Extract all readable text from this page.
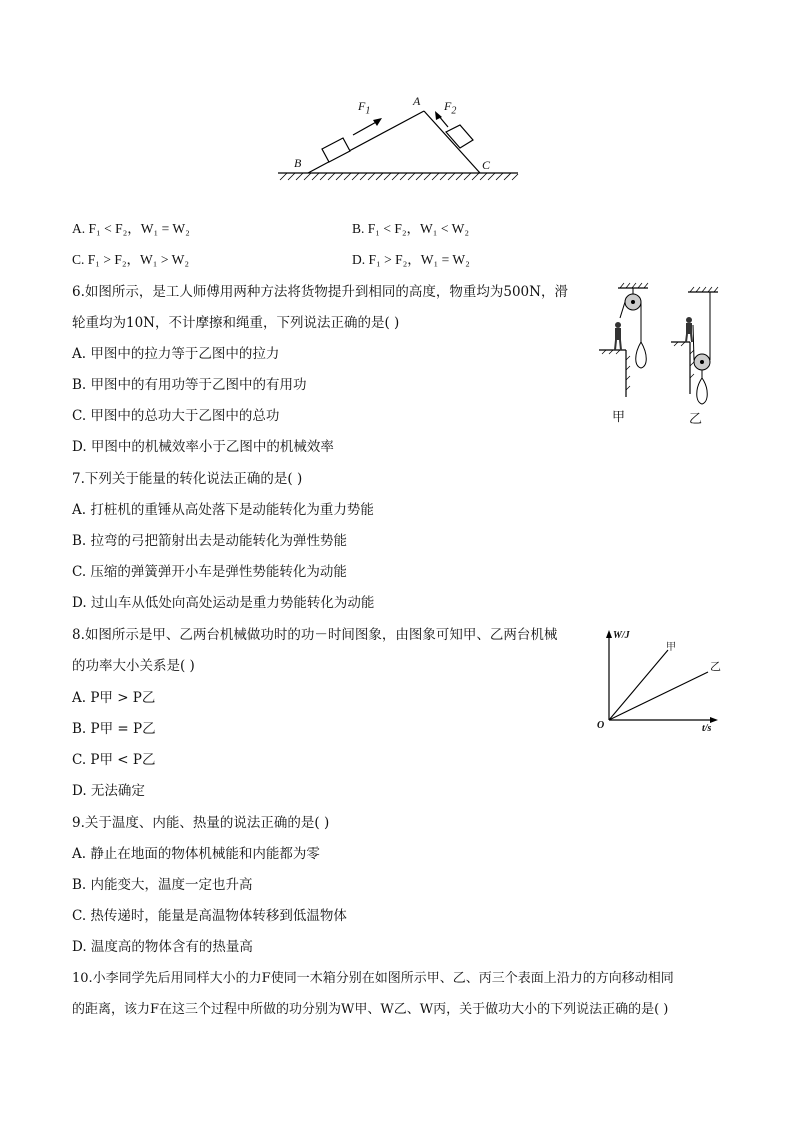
$F_1$
A $F_2$
B	C
A. F₁ < F₂，W₁ = W₂	B. F₁ < F₂，W₁ < W₂
C. F₁ > F₂，W₁ > W₂	D. F₁ > F₂，W₁ = W₂
6.如图所示，是工人师傅用两种方法将货物提升到相同的高度，物重均为500N，滑
轮重均为10N，不计摩擦和绳重，下列说法正确的是( )
A. 甲图中的拉力等于乙图中的拉力
B. 甲图中的有用功等于乙图中的有用功
C. 甲图中的总功大于乙图中的总功
D. 甲图中的机械效率小于乙图中的机械效率
甲	乙
7.下列关于能量的转化说法正确的是( )
A. 打桩机的重锤从高处落下是动能转化为重力势能
B. 拉弯的弓把箭射出去是动能转化为弹性势能
C. 压缩的弹簧弹开小车是弹性势能转化为动能
D. 过山车从低处向高处运动是重力势能转化为动能
8.如图所示是甲、乙两台机械做功时的功－时间图象，由图象可知甲、乙两台机械
的功率大小关系是( )
A. P甲 > P乙
B. P甲 = P乙
C. P甲 < P乙
D. 无法确定
W/J
甲
乙
O	t/s
9.关于温度、内能、热量的说法正确的是( )
A. 静止在地面的物体机械能和内能都为零
B. 内能变大，温度一定也升高
C. 热传递时，能量是高温物体转移到低温物体
D. 温度高的物体含有的热量高
10.小李同学先后用同样大小的力F使同一木箱分别在如图所示甲、乙、丙三个表面上沿力的方向移动相同
的距离，该力F在这三个过程中所做的功分别为W甲、W乙、W丙，关于做功大小的下列说法正确的是( )
